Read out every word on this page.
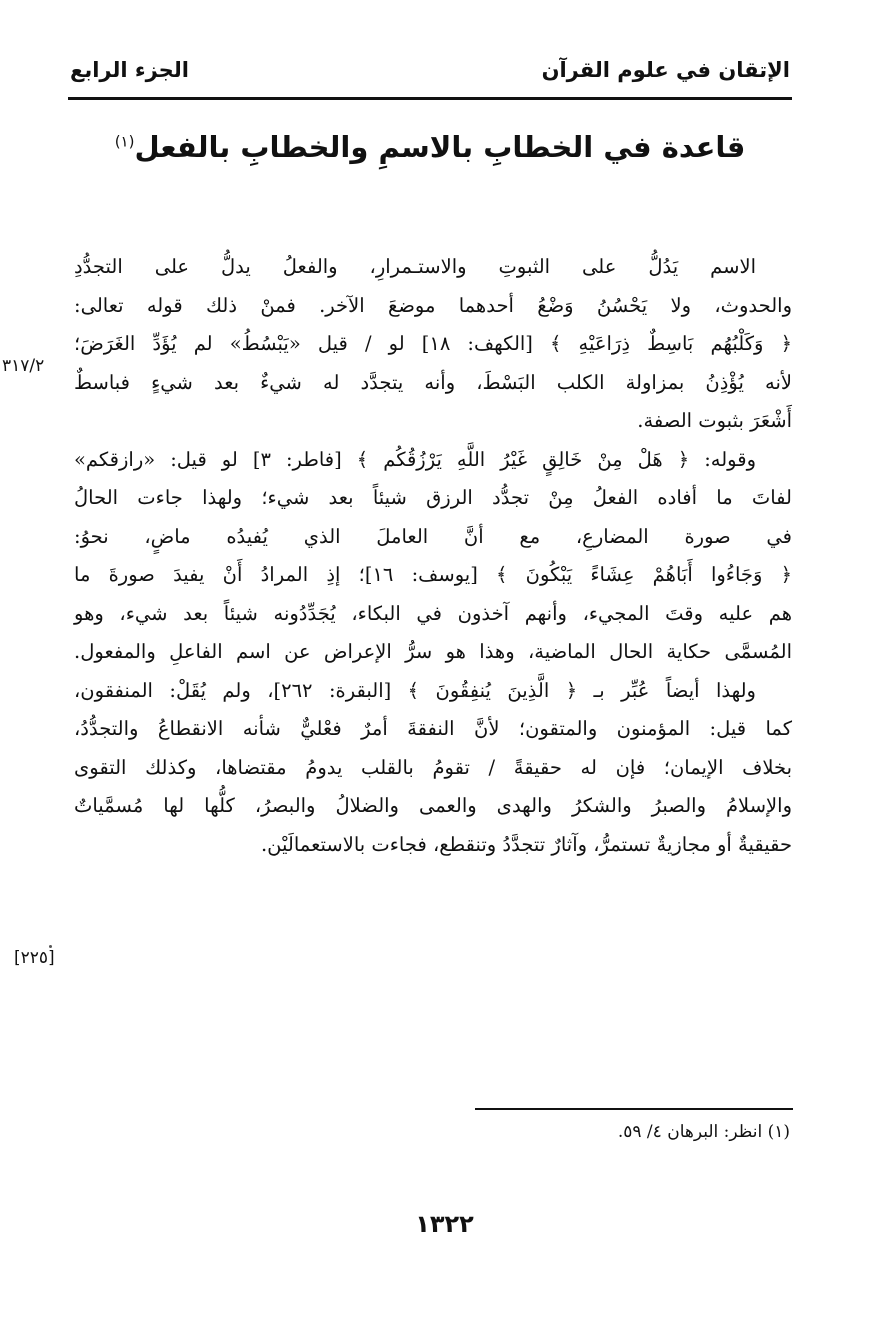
الإتقان في علوم القرآن
الجزء الرابع
قاعدة في الخطابِ بالاسمِ والخطابِ بالفعل$^{(١)}$
الاسم يَدُلُّ على الثبوتِ والاستـمرارِ، والفعلُ يدلُّ على التجدُّدِ
والحدوث، ولا يَحْسُنُ وَضْعُ أحدهما موضعَ الآخر. فمنْ ذلك قوله تعالى:
﴿ وَكَلْبُهُم بَاسِطٌ ذِرَاعَيْهِ ﴾ [الكهف: ١٨] لو / قيل «يَبْسُطُ» لم يُؤَدِّ الغَرَضَ؛
لأنه يُؤْذِنُ بمزاولة الكلب البَسْطَ، وأنه يتجدَّد له شيءٌ بعد شيءٍ فباسطٌ
أَشْعَرَ بثبوت الصفة.
وقوله: ﴿ هَلْ مِنْ خَالِقٍ غَيْرُ اللَّهِ يَرْزُقُكُم ﴾ [فاطر: ٣] لو قيل: «رازقكم»
لفاتَ ما أفاده الفعلُ مِنْ تجدُّد الرزق شيئاً بعد شيء؛ ولهذا جاءت الحالُ
في صورة المضارعِ، مع أنَّ العاملَ الذي يُفيدُه ماضٍ، نحوُ:
﴿ وَجَاءُوا أَبَاهُمْ عِشَاءً يَبْكُونَ ﴾ [يوسف: ١٦]؛ إذِ المرادُ أَنْ يفيدَ صورةَ ما
هم عليه وقتَ المجيء، وأنهم آخذون في البكاء، يُجَدِّدُونه شيئاً بعد شيء، وهو
المُسمَّى حكاية الحال الماضية، وهذا هو سرُّ الإعراض عن اسم الفاعلِ والمفعول.
ولهذا أيضاً عُبِّر بـ ﴿ الَّذِينَ يُنفِقُونَ ﴾ [البقرة: ٢٦٢]، ولم يُقَلْ: المنفقون،
كما قيل: المؤمنون والمتقون؛ لأنَّ النفقةَ أمرٌ فعْليٌّ شأنه الانقطاعُ والتجدُّدُ،
بخلاف الإيمان؛ فإن له حقيقةً / تقومُ بالقلب يدومُ مقتضاها، وكذلك التقوى
والإسلامُ والصبرُ والشكرُ والهدى والعمى والضلالُ والبصرُ، كلُّها لها مُسمَّياتٌ
حقيقيةٌ أو مجازيةٌ تستمرُّ، وآثارٌ تتجدَّدُ وتنقطع، فجاءت بالاستعمالَيْن.
٣١٧/٢
[٢٢٥]
(١) انظر: البرهان ٤/ ٥٩.
١٣٢٢
